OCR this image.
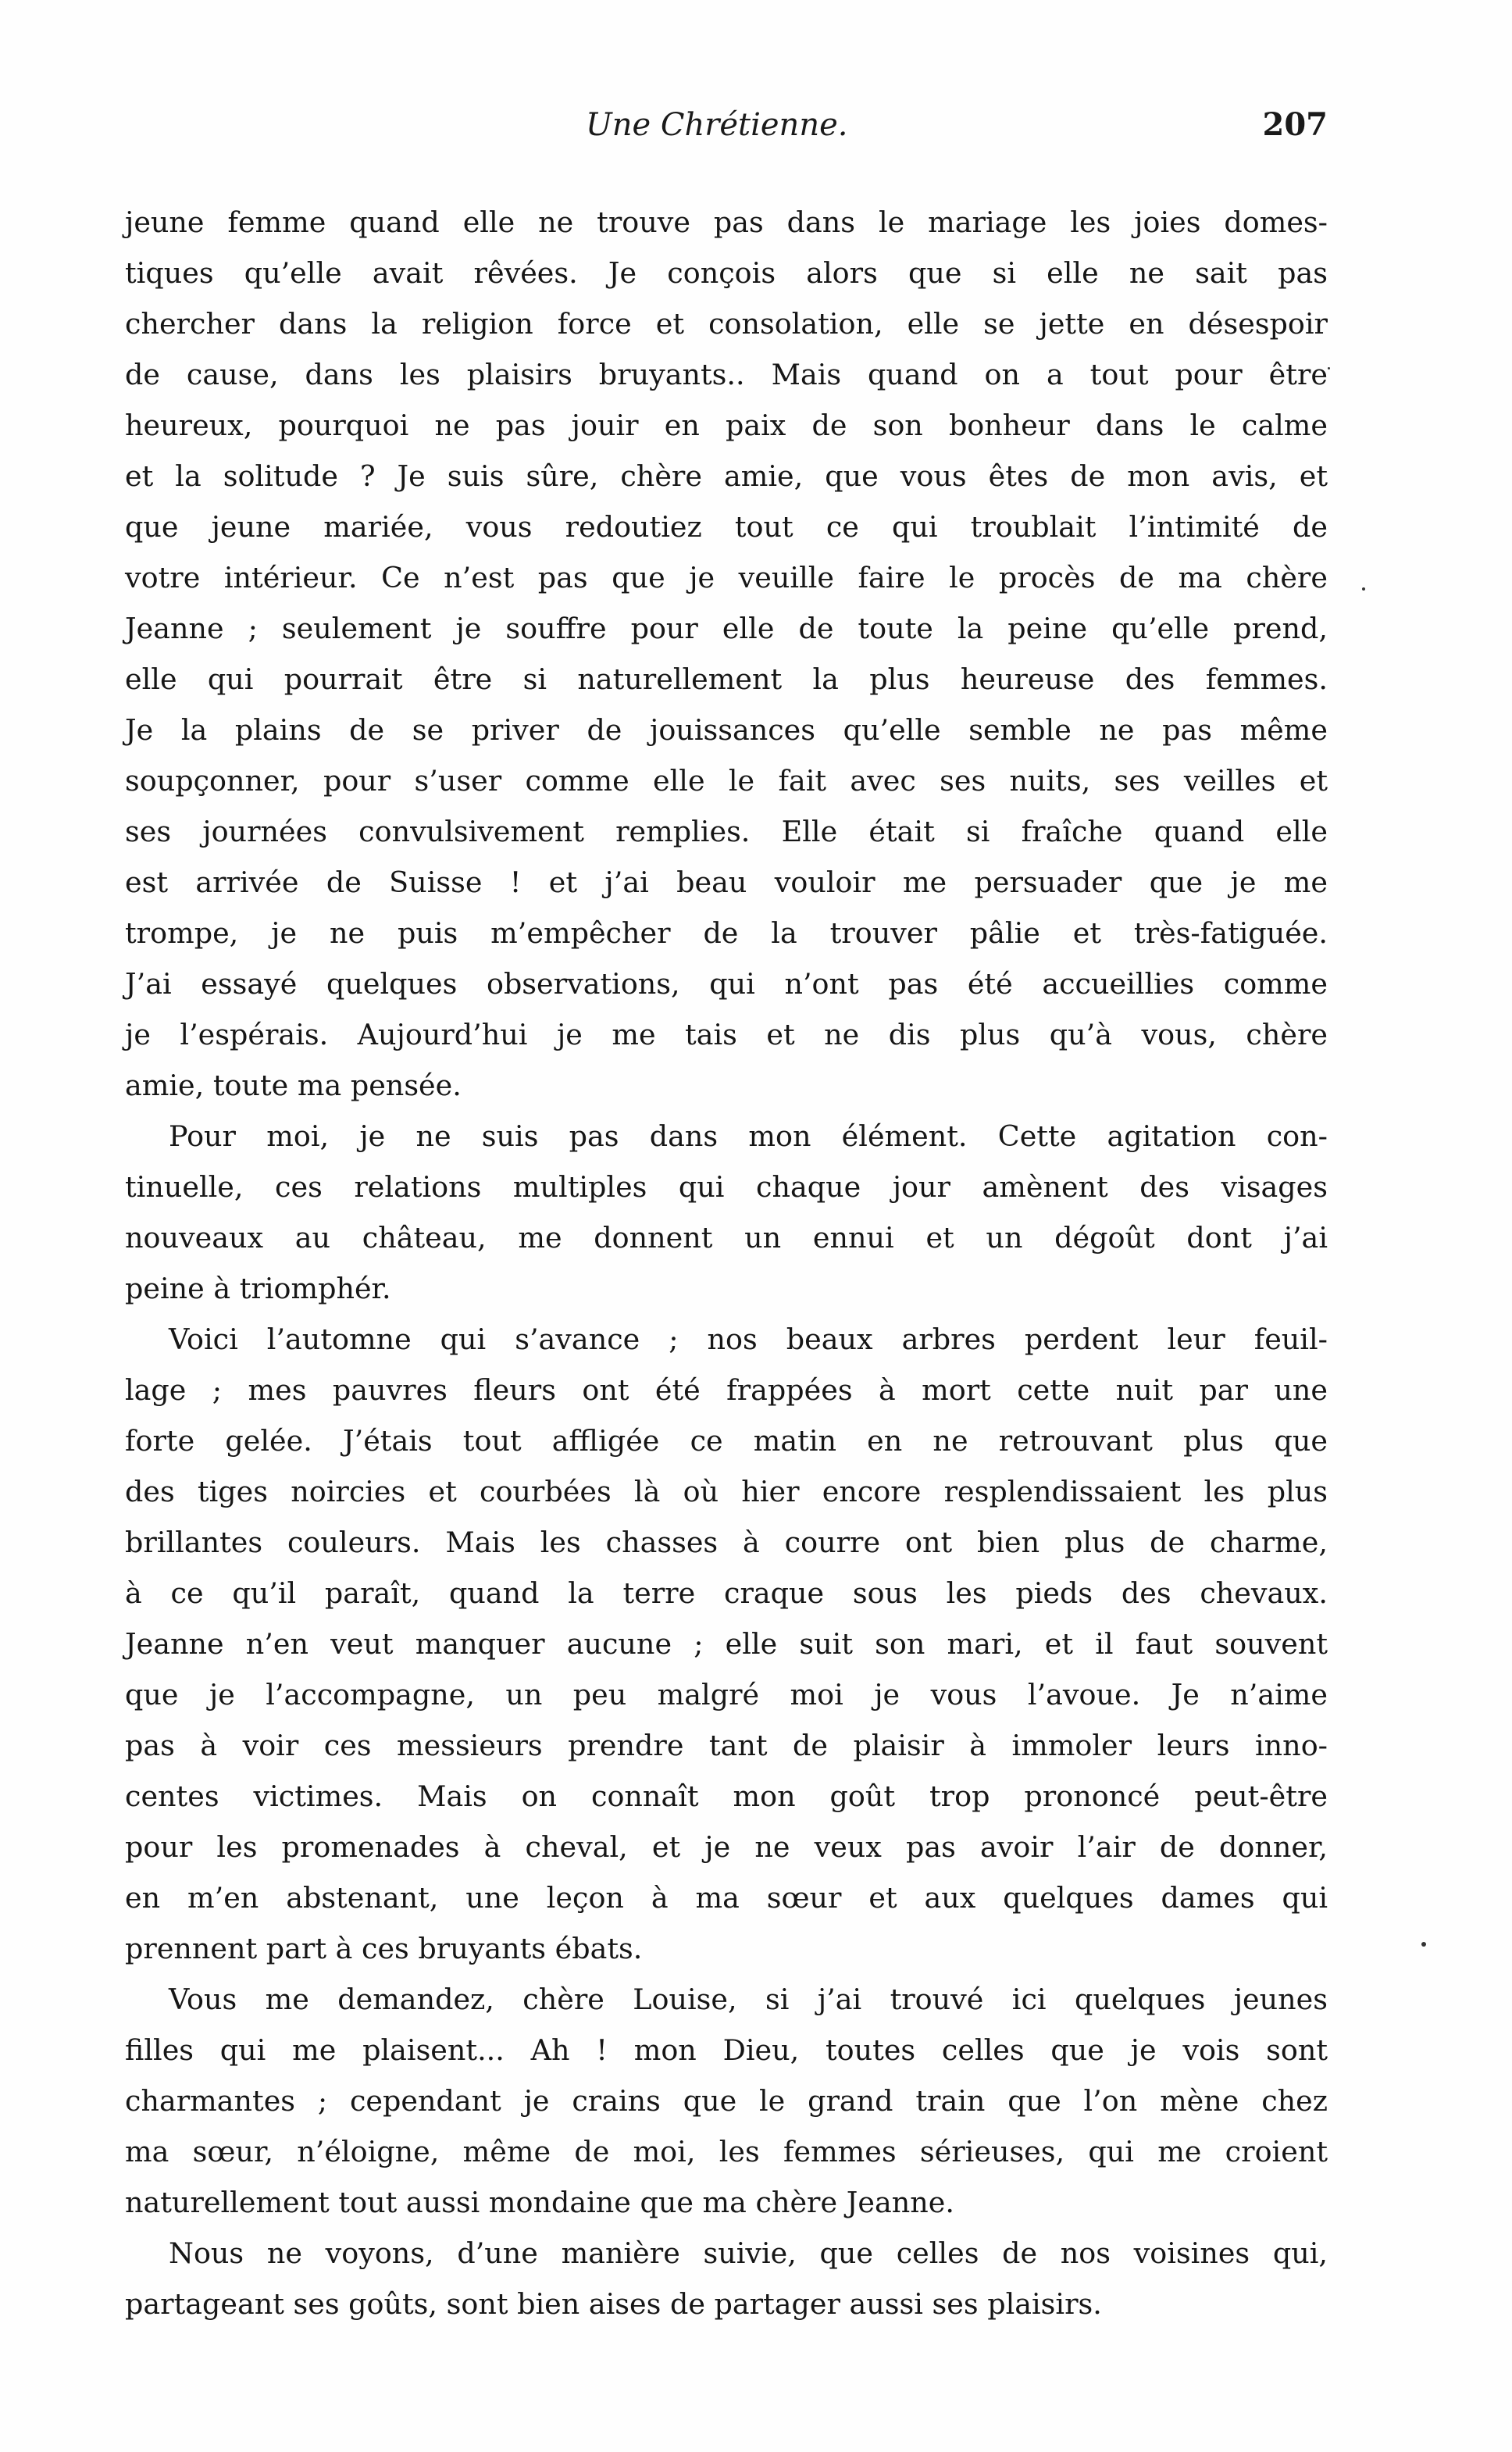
Une Chrétienne.	207

jeune femme quand elle ne trouve pas dans le mariage les joies domes-
tiques qu’elle avait rêvées. Je conçois alors que si elle ne sait pas
chercher dans la religion force et consolation, elle se jette en désespoir
de cause, dans les plaisirs bruyants.. Mais quand on a tout pour être
heureux, pourquoi ne pas jouir en paix de son bonheur dans le calme
et la solitude ? Je suis sûre, chère amie, que vous êtes de mon avis, et
que jeune mariée, vous redoutiez tout ce qui troublait l’intimité de
votre intérieur. Ce n’est pas que je veuille faire le procès de ma chère
Jeanne ; seulement je souffre pour elle de toute la peine qu’elle prend,
elle qui pourrait être si naturellement la plus heureuse des femmes.
Je la plains de se priver de jouissances qu’elle semble ne pas même
soupçonner, pour s’user comme elle le fait avec ses nuits, ses veilles et
ses journées convulsivement remplies. Elle était si fraîche quand elle
est arrivée de Suisse ! et j’ai beau vouloir me persuader que je me
trompe, je ne puis m’empêcher de la trouver pâlie et très-fatiguée.
J’ai essayé quelques observations, qui n’ont pas été accueillies comme
je l’espérais. Aujourd’hui je me tais et ne dis plus qu’à vous, chère
amie, toute ma pensée.

Pour moi, je ne suis pas dans mon élément. Cette agitation con-
tinuelle, ces relations multiples qui chaque jour amènent des visages
nouveaux au château, me donnent un ennui et un dégoût dont j’ai
peine à triomphér.

Voici l’automne qui s’avance ; nos beaux arbres perdent leur feuil-
lage ; mes pauvres fleurs ont été frappées à mort cette nuit par une
forte gelée. J’étais tout affligée ce matin en ne retrouvant plus que
des tiges noircies et courbées là où hier encore resplendissaient les plus
brillantes couleurs. Mais les chasses à courre ont bien plus de charme,
à ce qu’il paraît, quand la terre craque sous les pieds des chevaux.
Jeanne n’en veut manquer aucune ; elle suit son mari, et il faut souvent
que je l’accompagne, un peu malgré moi je vous l’avoue. Je n’aime
pas à voir ces messieurs prendre tant de plaisir à immoler leurs inno-
centes victimes. Mais on connaît mon goût trop prononcé peut-être
pour les promenades à cheval, et je ne veux pas avoir l’air de donner,
en m’en abstenant, une leçon à ma sœur et aux quelques dames qui
prennent part à ces bruyants ébats.

Vous me demandez, chère Louise, si j’ai trouvé ici quelques jeunes
filles qui me plaisent... Ah ! mon Dieu, toutes celles que je vois sont
charmantes ; cependant je crains que le grand train que l’on mène chez
ma sœur, n’éloigne, même de moi, les femmes sérieuses, qui me croient
naturellement tout aussi mondaine que ma chère Jeanne.

Nous ne voyons, d’une manière suivie, que celles de nos voisines qui,
partageant ses goûts, sont bien aises de partager aussi ses plaisirs.
